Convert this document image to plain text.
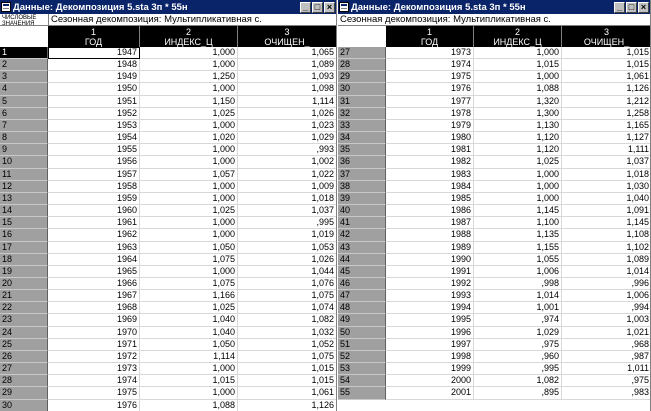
Данные: Декомпозиция 5.sta 3п * 55н	_ □ ×
ЧИСЛОВЫЕ
ЗНАЧЕНИЯ	Сезонная декомпозиция: Мультипликативная с.
1
ГОД
2
ИНДЕКС_Ц
3
ОЧИЩЕН_
1	1947	1,000	1,065
2	1948	1,000	1,089
3	1949	1,250	1,093
4	1950	1,000	1,098
5	1951	1,150	1,114
6	1952	1,025	1,026
7	1953	1,000	1,023
8	1954	1,020	1,029
9	1955	1,000	,993
10	1956	1,000	1,002
11	1957	1,057	1,022
12	1958	1,000	1,009
13	1959	1,000	1,018
14	1960	1,025	1,037
15	1961	1,000	,995
16	1962	1,000	1,019
17	1963	1,050	1,053
18	1964	1,075	1,026
19	1965	1,000	1,044
20	1966	1,075	1,076
21	1967	1,166	1,075
22	1968	1,025	1,074
23	1969	1,040	1,082
24	1970	1,040	1,032
25	1971	1,050	1,052
26	1972	1,114	1,075
27	1973	1,000	1,015
28	1974	1,015	1,015
29	1975	1,000	1,061
30	1976	1,088	1,126
Данные: Декомпозиция 5.sta 3п * 55н	_ □ ×
Сезонная декомпозиция: Мультипликативная с.
1
ГОД
2
ИНДЕКС_Ц
3
ОЧИЩЕН_
27	1973	1,000	1,015
28	1974	1,015	1,015
29	1975	1,000	1,061
30	1976	1,088	1,126
31	1977	1,320	1,212
32	1978	1,300	1,258
33	1979	1,130	1,165
34	1980	1,120	1,127
35	1981	1,120	1,111
36	1982	1,025	1,037
37	1983	1,000	1,018
38	1984	1,000	1,030
39	1985	1,000	1,040
40	1986	1,145	1,091
41	1987	1,100	1,145
42	1988	1,135	1,108
43	1989	1,155	1,102
44	1990	1,055	1,089
45	1991	1,006	1,014
46	1992	,998	,996
47	1993	1,014	1,006
48	1994	1,001	,994
49	1995	,974	1,003
50	1996	1,029	1,021
51	1997	,975	,968
52	1998	,960	,987
53	1999	,995	1,011
54	2000	1,082	,975
55	2001	,895	,983
